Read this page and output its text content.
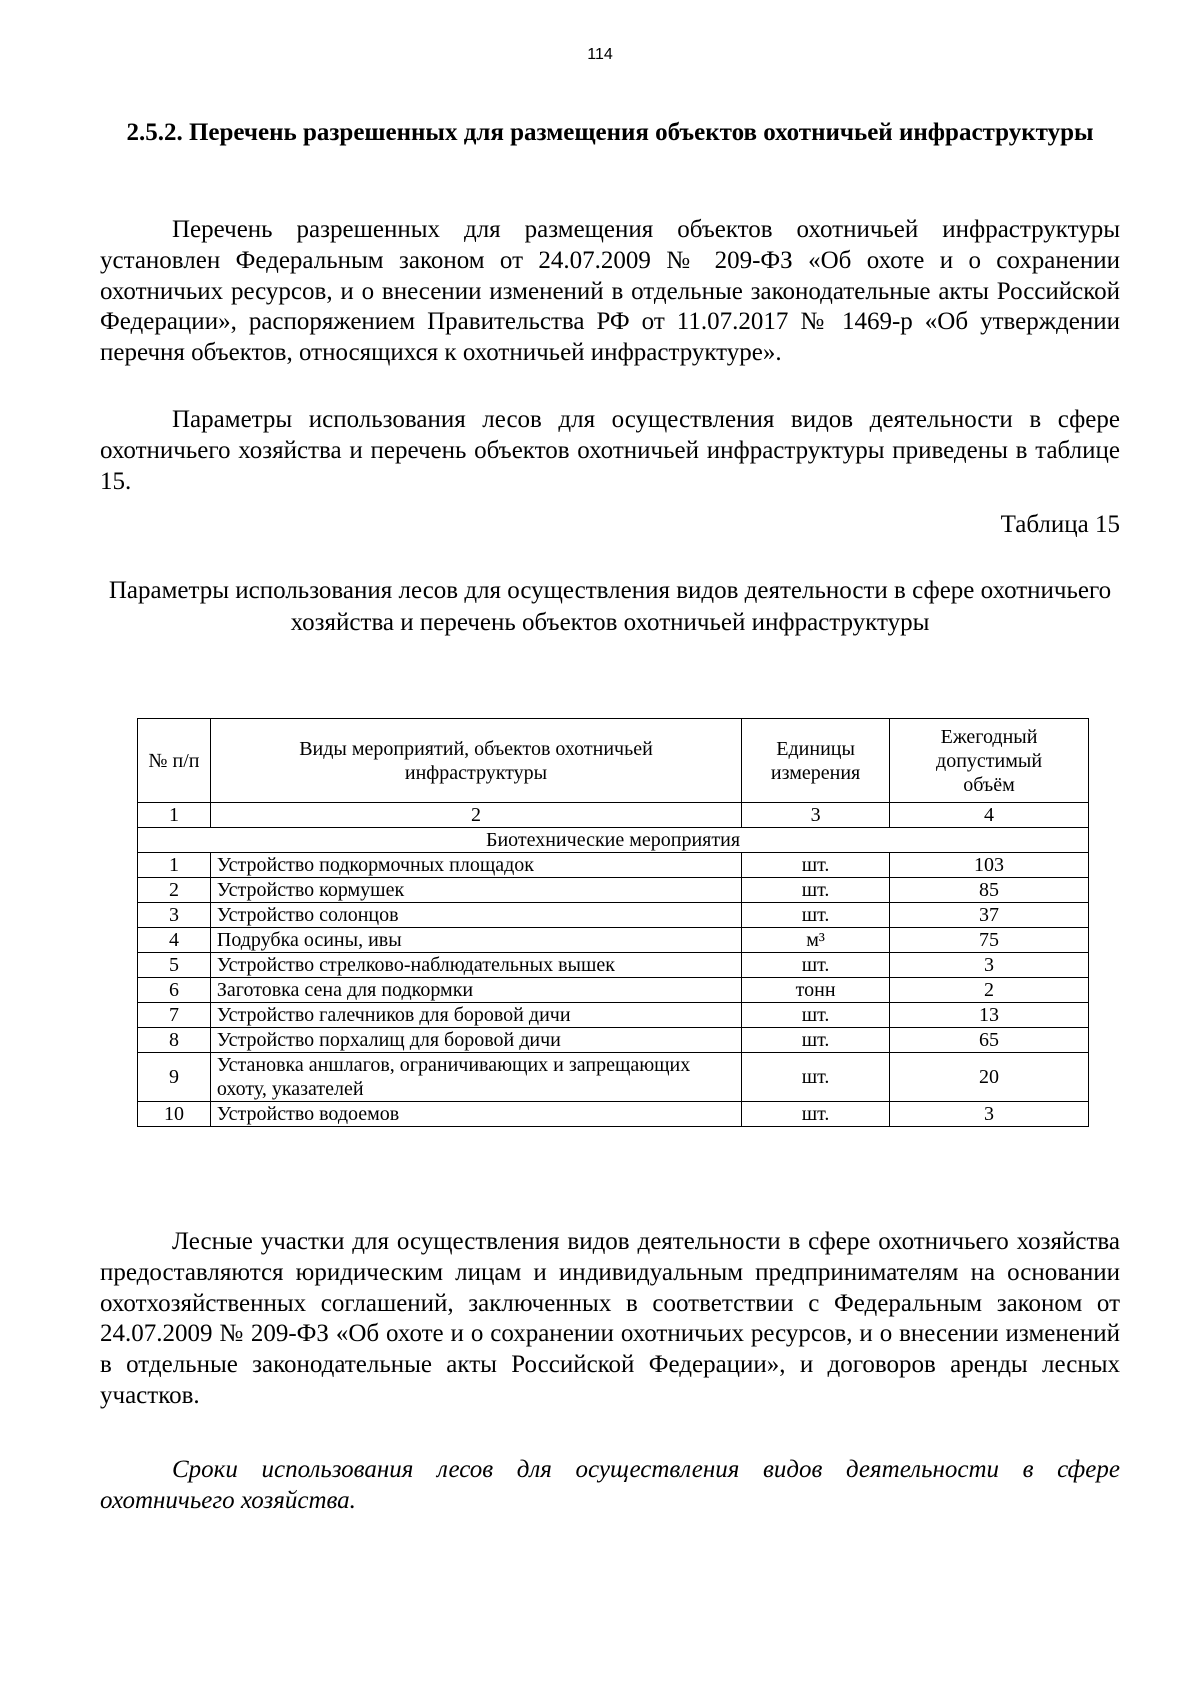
114
2.5.2. Перечень разрешенных для размещения объектов охотничьей инфраструктуры

Перечень разрешенных для размещения объектов охотничьей инфраструктуры установлен Федеральным законом от 24.07.2009 № 209-ФЗ «Об охоте и о сохранении охотничьих ресурсов, и о внесении изменений в отдельные законодательные акты Российской Федерации», распоряжением Правительства РФ от 11.07.2017 № 1469-р «Об утверждении перечня объектов, относящихся к охотничьей инфраструктуре».

Параметры использования лесов для осуществления видов деятельности в сфере охотничьего хозяйства и перечень объектов охотничьей инфраструктуры приведены в таблице 15.

Таблица 15
Параметры использования лесов для осуществления видов деятельности в сфере охотничьего хозяйства и перечень объектов охотничьей инфраструктуры
№ п/п	Виды мероприятий, объектов охотничьей инфраструктуры	Единицы измерения	Ежегодный допустимый объём
1	2	3	4
Биотехнические мероприятия			
1	Устройство подкормочных площадок	шт.	103
2	Устройство кормушек	шт.	85
3	Устройство солонцов	шт.	37
4	Подрубка осины, ивы	м³	75
5	Устройство стрелково-наблюдательных вышек	шт.	3
6	Заготовка сена для подкормки	тонн	2
7	Устройство галечников для боровой дичи	шт.	13
8	Устройство порхалищ для боровой дичи	шт.	65
9	Установка аншлагов, ограничивающих и запрещающих охоту, указателей	шт.	20
10	Устройство водоемов	шт.	3

Лесные участки для осуществления видов деятельности в сфере охотничьего хозяйства предоставляются юридическим лицам и индивидуальным предпринимателям на основании охотхозяйственных соглашений, заключенных в соответствии с Федеральным законом от 24.07.2009 № 209-ФЗ «Об охоте и о сохранении охотничьих ресурсов, и о внесении изменений в отдельные законодательные акты Российской Федерации», и договоров аренды лесных участков.

Сроки использования лесов для осуществления видов деятельности в сфере охотничьего хозяйства.
